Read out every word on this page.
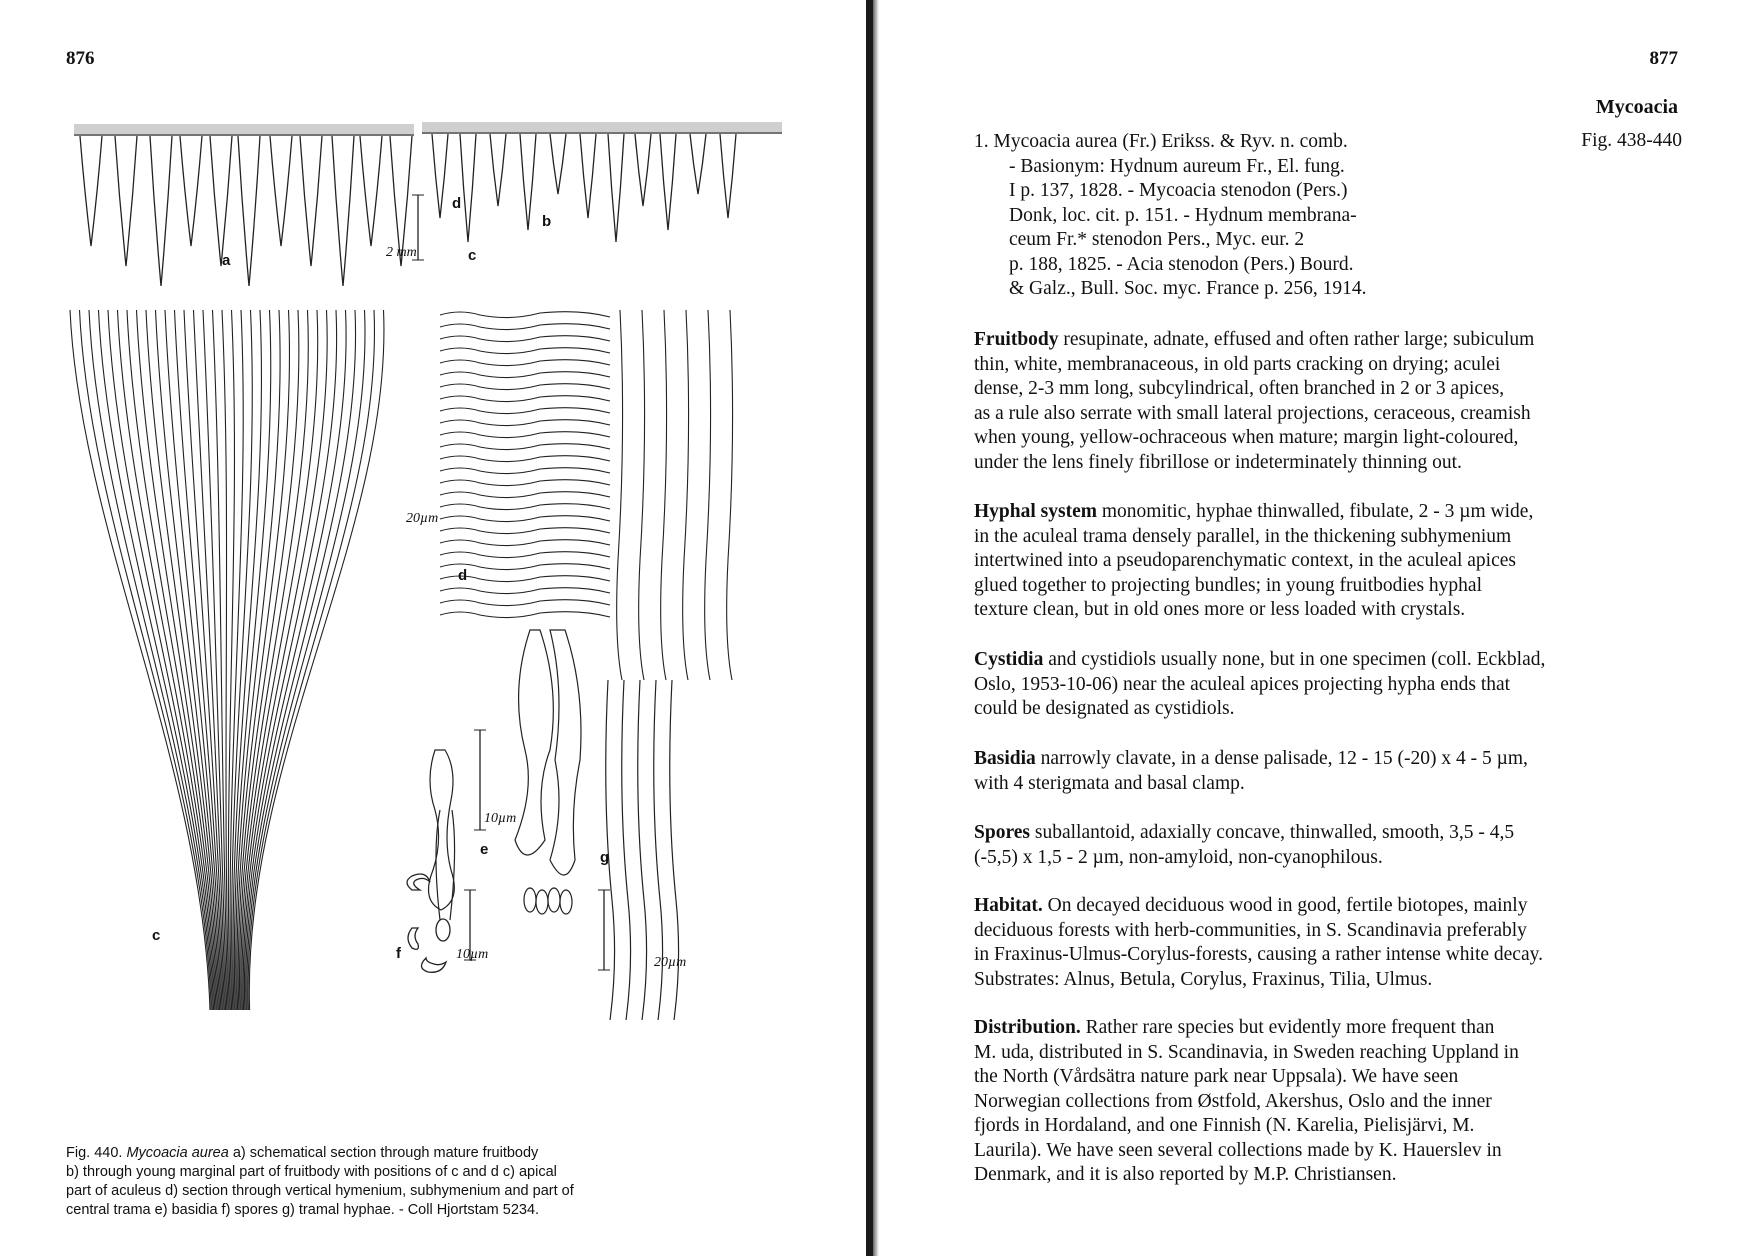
876
a
b
c
d
e
f
g
d
c
2 mm
20µm
10µm
10µm
20µm
Fig. 440. Mycoacia aurea a) schematical section through mature fruitbody
b) through young marginal part of fruitbody with positions of c and d c) apical
part of aculeus d) section through vertical hymenium, subhymenium and part of
central trama e) basidia f) spores g) tramal hyphae. - Coll Hjortstam 5234.
877
Mycoacia
1. Mycoacia aurea (Fr.) Erikss. & Ryv. n. comb.
- Basionym: Hydnum aureum Fr., El. fung.
I p. 137, 1828. - Mycoacia stenodon (Pers.)
Donk, loc. cit. p. 151. - Hydnum membrana-
ceum Fr.* stenodon Pers., Myc. eur. 2
p. 188, 1825. - Acia stenodon (Pers.) Bourd.
& Galz., Bull. Soc. myc. France p. 256, 1914.
Fig. 438-440
Fruitbody resupinate, adnate, effused and often rather large; subiculum
thin, white, membranaceous, in old parts cracking on drying; aculei
dense, 2-3 mm long, subcylindrical, often branched in 2 or 3 apices,
as a rule also serrate with small lateral projections, ceraceous, creamish
when young, yellow-ochraceous when mature; margin light-coloured,
under the lens finely fibrillose or indeterminately thinning out.
Hyphal system monomitic, hyphae thinwalled, fibulate, 2 - 3 µm wide,
in the aculeal trama densely parallel, in the thickening subhymenium
intertwined into a pseudoparenchymatic context, in the aculeal apices
glued together to projecting bundles; in young fruitbodies hyphal
texture clean, but in old ones more or less loaded with crystals.
Cystidia and cystidiols usually none, but in one specimen (coll. Eckblad,
Oslo, 1953-10-06) near the aculeal apices projecting hypha ends that
could be designated as cystidiols.
Basidia narrowly clavate, in a dense palisade, 12 - 15 (-20) x 4 - 5 µm,
with 4 sterigmata and basal clamp.
Spores suballantoid, adaxially concave, thinwalled, smooth, 3,5 - 4,5
(-5,5) x 1,5 - 2 µm, non-amyloid, non-cyanophilous.
Habitat. On decayed deciduous wood in good, fertile biotopes, mainly
deciduous forests with herb-communities, in S. Scandinavia preferably
in Fraxinus-Ulmus-Corylus-forests, causing a rather intense white decay.
Substrates: Alnus, Betula, Corylus, Fraxinus, Tilia, Ulmus.
Distribution. Rather rare species but evidently more frequent than
M. uda, distributed in S. Scandinavia, in Sweden reaching Uppland in
the North (Vårdsätra nature park near Uppsala). We have seen
Norwegian collections from Østfold, Akershus, Oslo and the inner
fjords in Hordaland, and one Finnish (N. Karelia, Pielisjärvi, M.
Laurila). We have seen several collections made by K. Hauerslev in
Denmark, and it is also reported by M.P. Christiansen.
